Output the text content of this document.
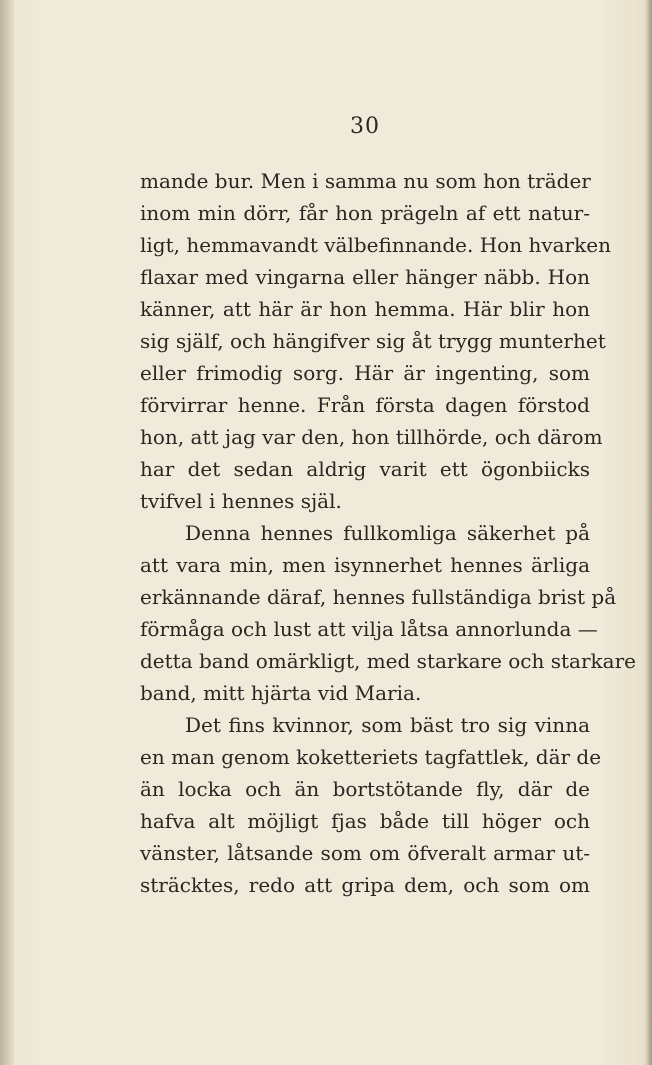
30
mande bur. Men i samma nu som hon träder
inom min dörr, får hon prägeln af ett natur-
ligt, hemmavandt välbefinnande. Hon hvarken
flaxar med vingarna eller hänger näbb. Hon
känner, att här är hon hemma. Här blir hon
sig själf, och hängifver sig åt trygg munterhet
eller frimodig sorg. Här är ingenting, som
förvirrar henne. Från första dagen förstod
hon, att jag var den, hon tillhörde, och därom
har det sedan aldrig varit ett ögonbiicks
tvifvel i hennes själ.
Denna hennes fullkomliga säkerhet på
att vara min, men isynnerhet hennes ärliga
erkännande däraf, hennes fullständiga brist på
förmåga och lust att vilja låtsa annorlunda —
detta band omärkligt, med starkare och starkare
band, mitt hjärta vid Maria.
Det fins kvinnor, som bäst tro sig vinna
en man genom koketteriets tagfattlek, där de
än locka och än bortstötande fly, där de
hafva alt möjligt fjas både till höger och
vänster, låtsande som om öfveralt armar ut-
sträcktes, redo att gripa dem, och som om
